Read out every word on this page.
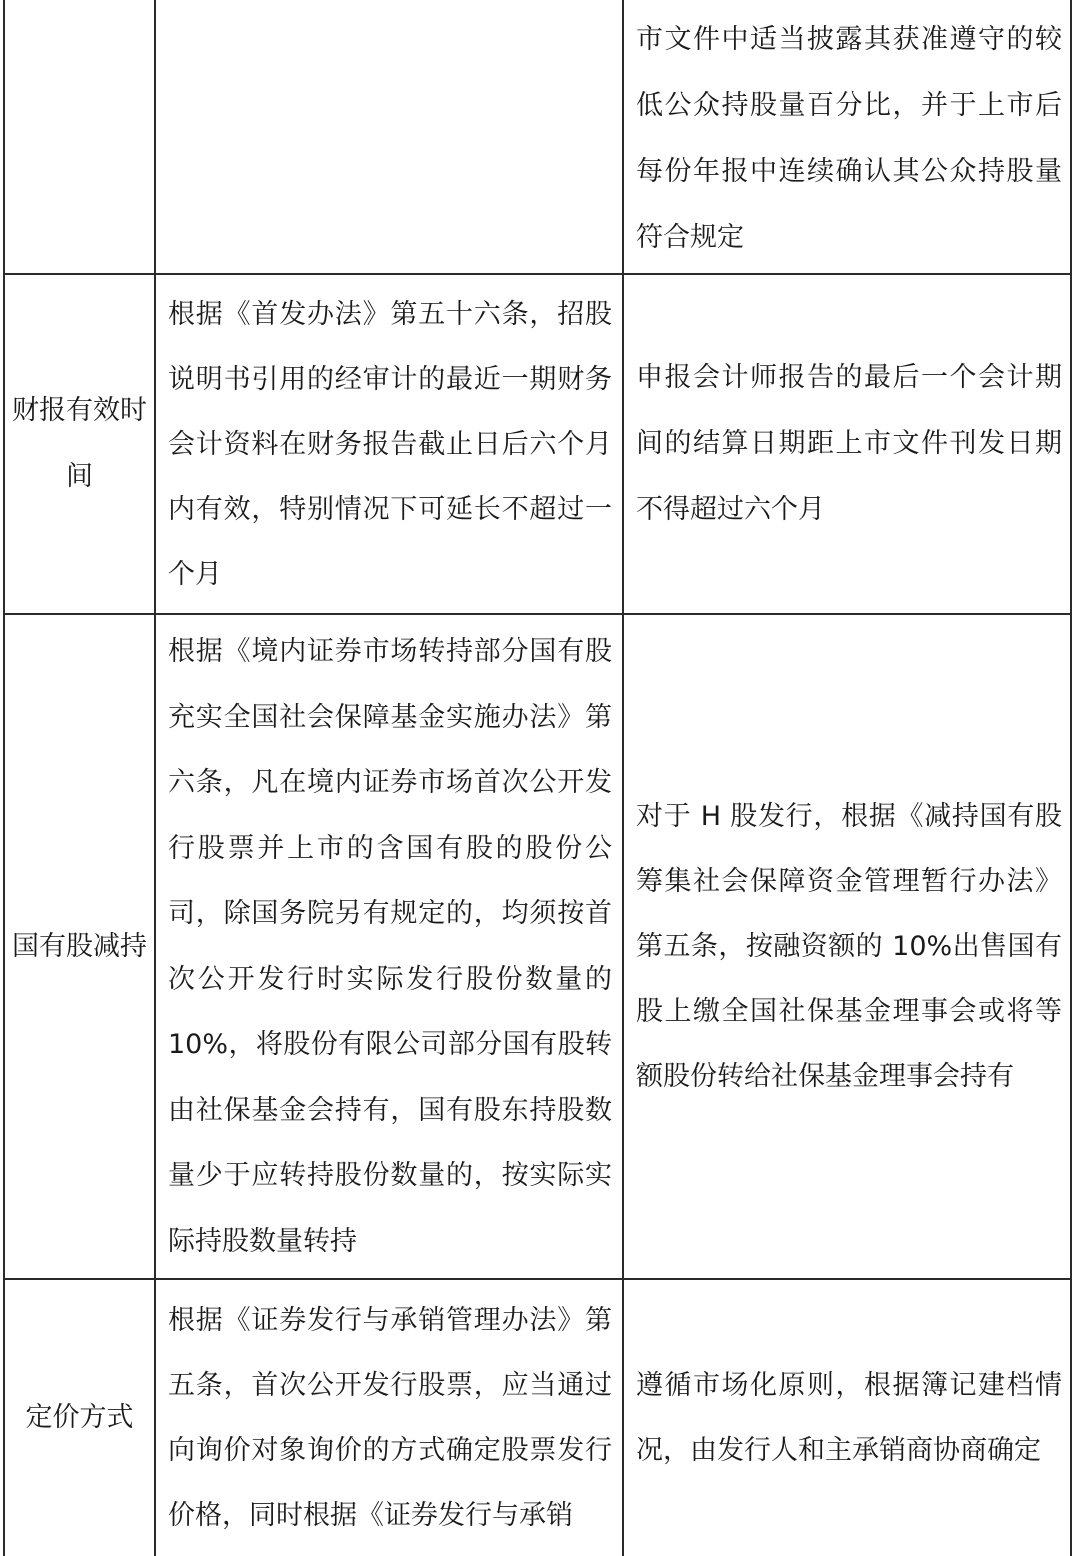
市文件中适当披露其获准遵守的较低公众持股量百分比，并于上市后每份年报中连续确认其公众持股量符合规定
财报有效时间
根据《首发办法》第五十六条，招股说明书引用的经审计的最近一期财务会计资料在财务报告截止日后六个月内有效，特别情况下可延长不超过一个月
申报会计师报告的最后一个会计期间的结算日期距上市文件刊发日期不得超过六个月
国有股减持
根据《境内证券市场转持部分国有股充实全国社会保障基金实施办法》第六条，凡在境内证券市场首次公开发行股票并上市的含国有股的股份公司，除国务院另有规定的，均须按首次公开发行时实际发行股份数量的10%，将股份有限公司部分国有股转由社保基金会持有，国有股东持股数量少于应转持股份数量的，按实际实际持股数量转持
对于 H 股发行，根据《减持国有股筹集社会保障资金管理暂行办法》第五条，按融资额的 10%出售国有股上缴全国社保基金理事会或将等额股份转给社保基金理事会持有
定价方式
根据《证券发行与承销管理办法》第五条，首次公开发行股票，应当通过向询价对象询价的方式确定股票发行价格，同时根据《证券发行与承销
遵循市场化原则，根据簿记建档情况，由发行人和主承销商协商确定
